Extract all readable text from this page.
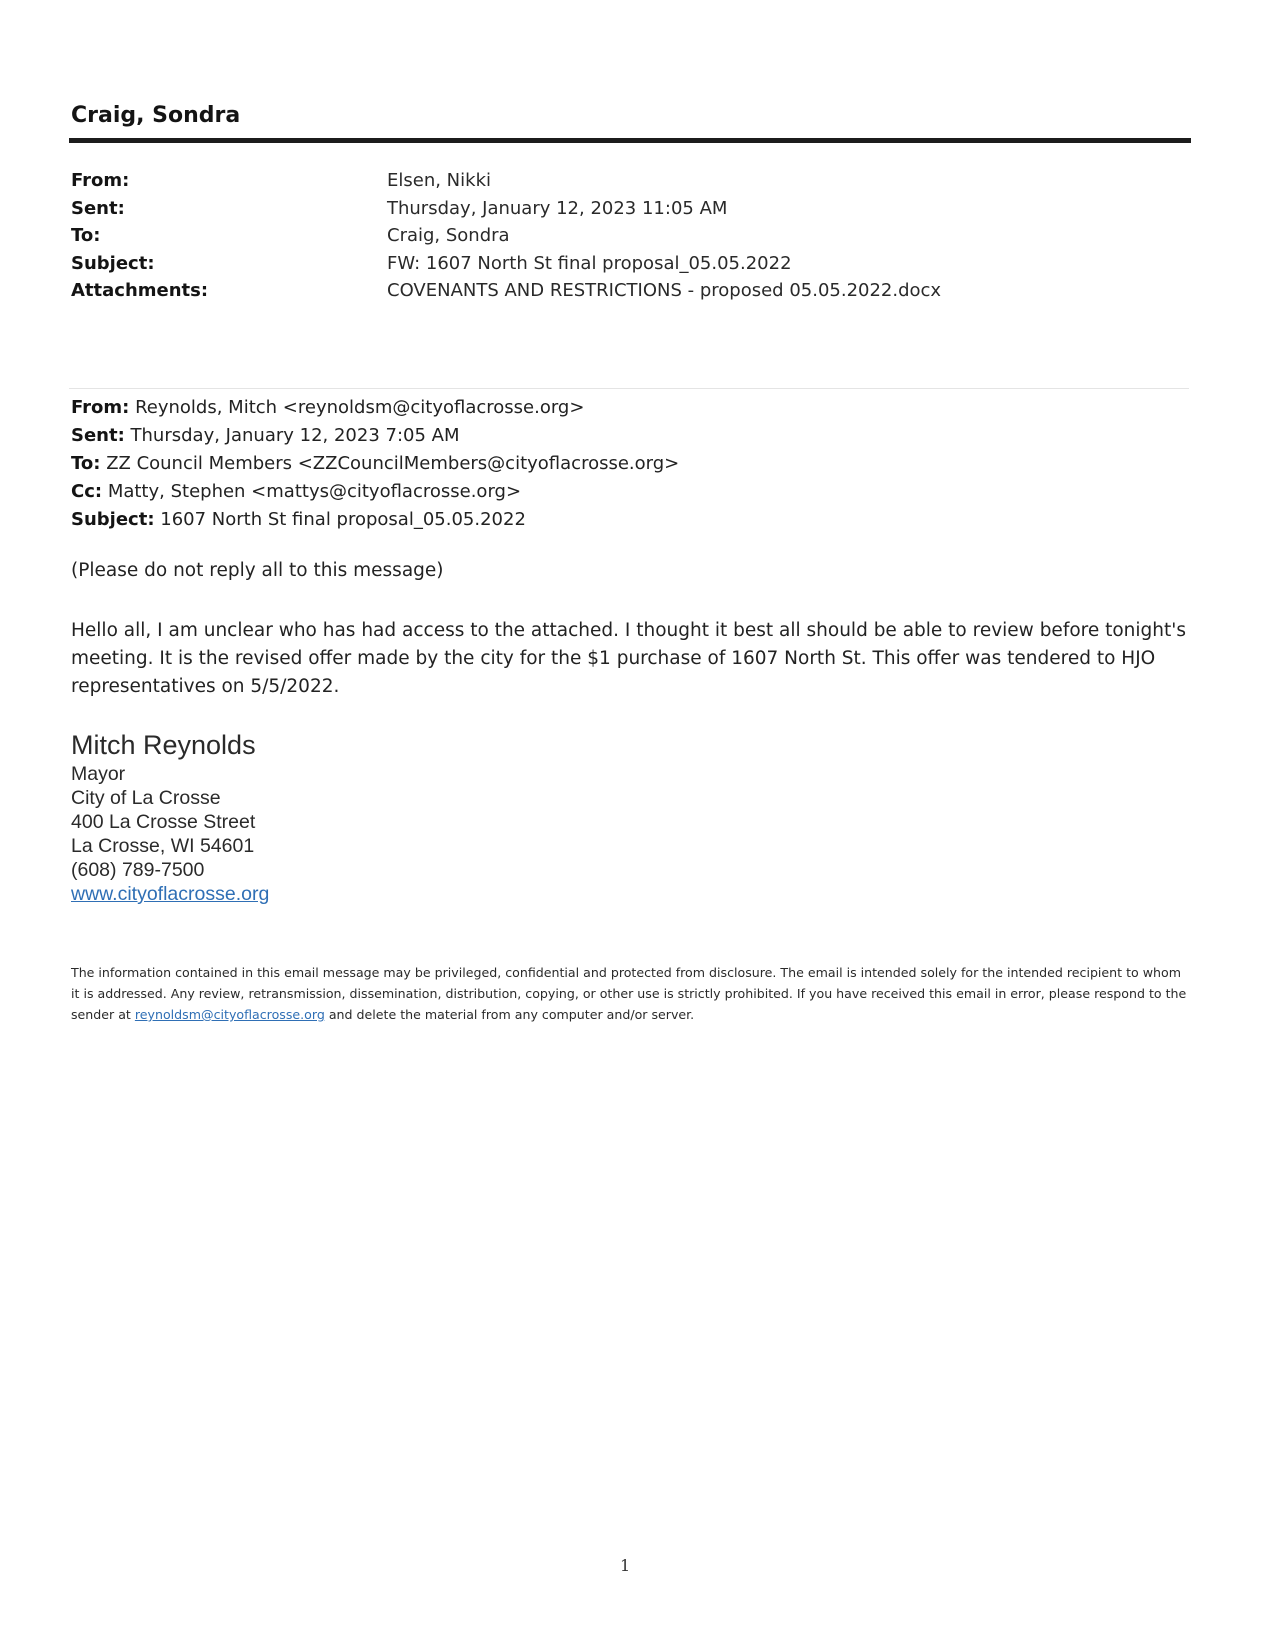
Craig, Sondra
From:	Elsen, Nikki
Sent:	Thursday, January 12, 2023 11:05 AM
To:	Craig, Sondra
Subject:	FW: 1607 North St final proposal_05.05.2022
Attachments:	COVENANTS AND RESTRICTIONS - proposed 05.05.2022.docx
From: Reynolds, Mitch <reynoldsm@cityoflacrosse.org>
Sent: Thursday, January 12, 2023 7:05 AM
To: ZZ Council Members <ZZCouncilMembers@cityoflacrosse.org>
Cc: Matty, Stephen <mattys@cityoflacrosse.org>
Subject: 1607 North St final proposal_05.05.2022
(Please do not reply all to this message)
Hello all, I am unclear who has had access to the attached. I thought it best all should be able to review before tonight's meeting. It is the revised offer made by the city for the $1 purchase of 1607 North St. This offer was tendered to HJO representatives on 5/5/2022.
Mitch Reynolds
Mayor
City of La Crosse
400 La Crosse Street
La Crosse, WI 54601
(608) 789-7500
www.cityoflacrosse.org
The information contained in this email message may be privileged, confidential and protected from disclosure. The email is intended solely for the intended recipient to whom it is addressed. Any review, retransmission, dissemination, distribution, copying, or other use is strictly prohibited. If you have received this email in error, please respond to the sender at reynoldsm@cityoflacrosse.org and delete the material from any computer and/or server.
1
